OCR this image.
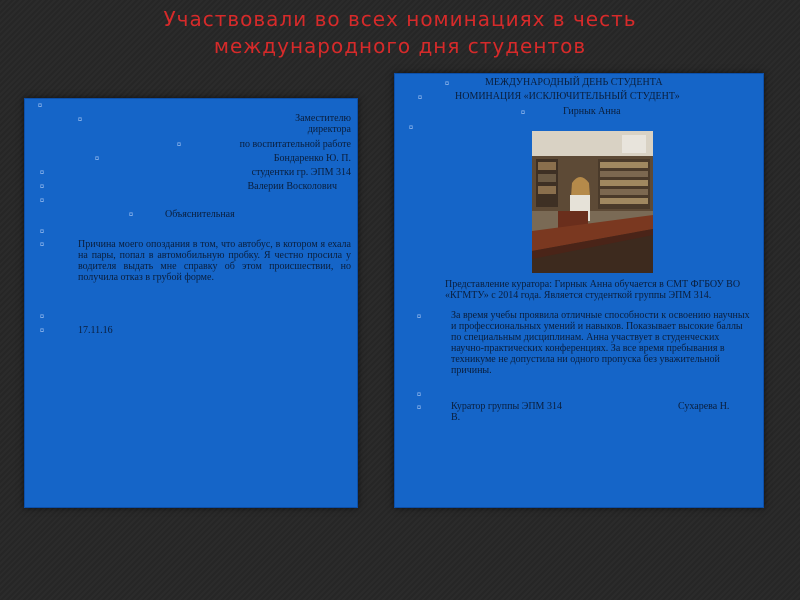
Участвовали во всех номинациях в честь
международного дня студентов
¤
¤	Заместителю
директора
¤	по воспитательной работе
¤	Бондаренко Ю. П.
¤	студентки гр. ЭПМ 314
¤	Валерии Восколович
¤
¤	Объяснительная
¤
¤	Причина моего опоздания в том, что автобус, в котором я ехала на пары, попал в автомобильную пробку. Я честно просила у водителя выдать мне справку об этом происшествии, но получила отказ в грубой форме.
¤
¤	17.11.16
¤	МЕЖДУНАРОДНЫЙ ДЕНЬ СТУДЕНТА
¤	НОМИНАЦИЯ «ИСКЛЮЧИТЕЛЬНЫЙ СТУДЕНТ»
¤	Гирнык Анна
¤
Представление куратора: Гирнык Анна обучается в СМТ ФГБОУ ВО «КГМТУ» с 2014 года. Является студенткой группы ЭПМ 314.
¤	За время учебы проявила отличные способности к освоению научных и профессиональных умений и навыков. Показывает высокие баллы по специальным дисциплинам. Анна участвует в студенческих научно-практических конференциях. За все время пребывания в техникуме не допустила ни одного пропуска без уважительной причины.
¤
¤	Куратор группы ЭПМ 314	Сухарева Н.
В.
